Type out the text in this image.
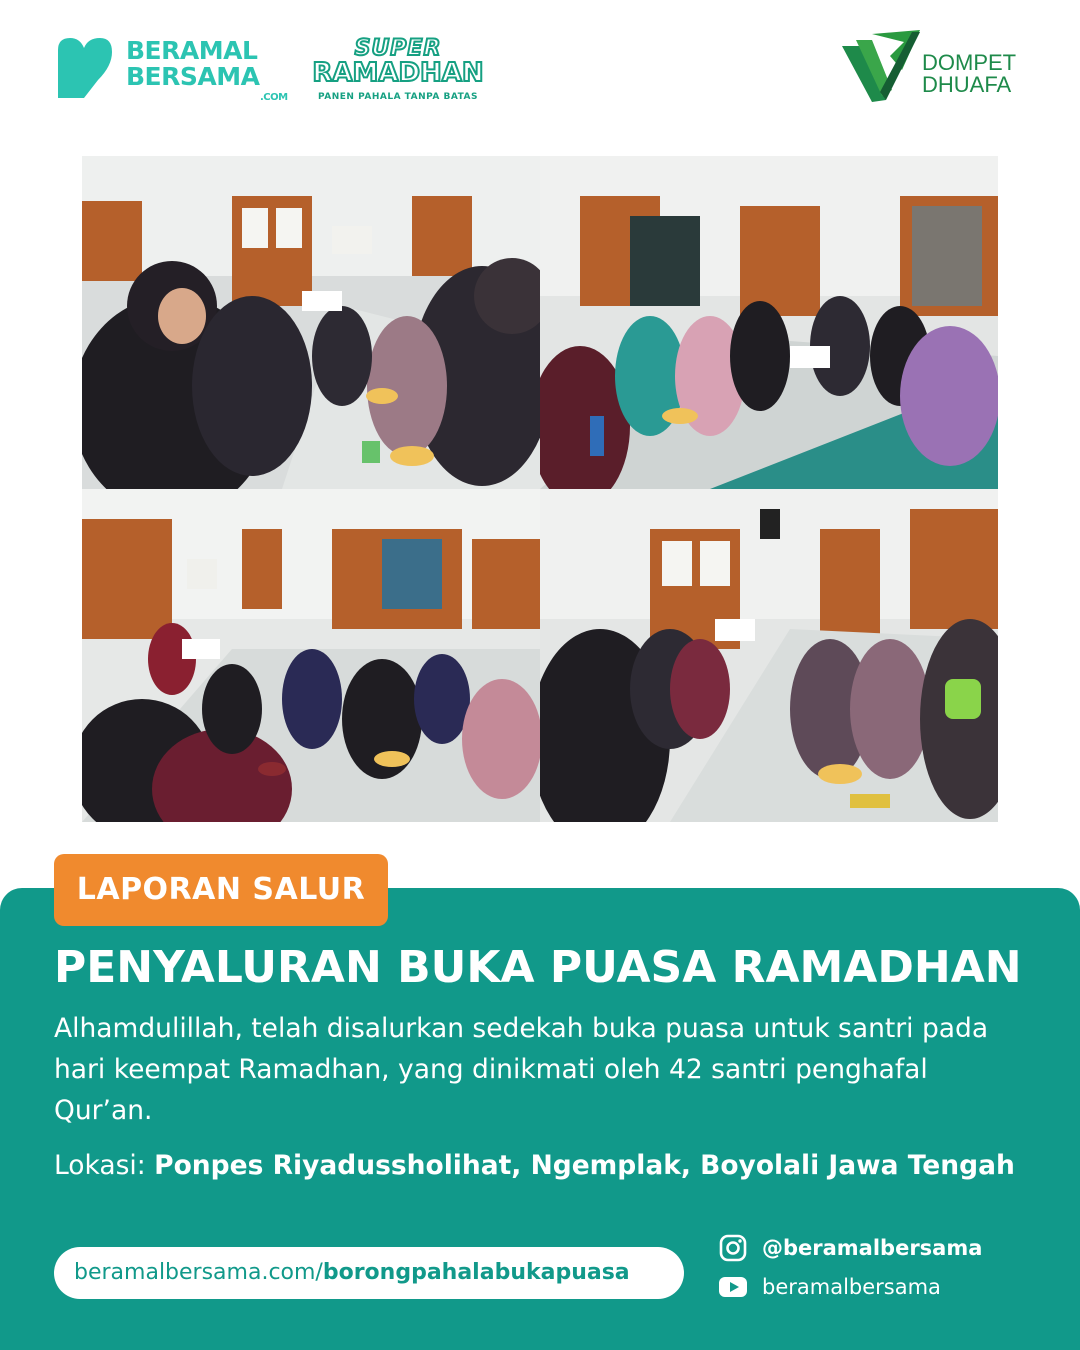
BERAMAL
BERSAMA
.COM
SUPER
RAMADHAN
PANEN PAHALA TANPA BATAS
DOMPET
DHUAFA
LAPORAN SALUR
PENYALURAN BUKA PUASA RAMADHAN
Alhamdulillah, telah disalurkan sedekah buka puasa untuk santri pada hari keempat Ramadhan, yang dinikmati oleh 42 santri penghafal Qur’an.
Lokasi: Ponpes Riyadussholihat, Ngemplak, Boyolali Jawa Tengah
beramalbersama.com/borongpahalabukapuasa
@beramalbersama
beramalbersama
